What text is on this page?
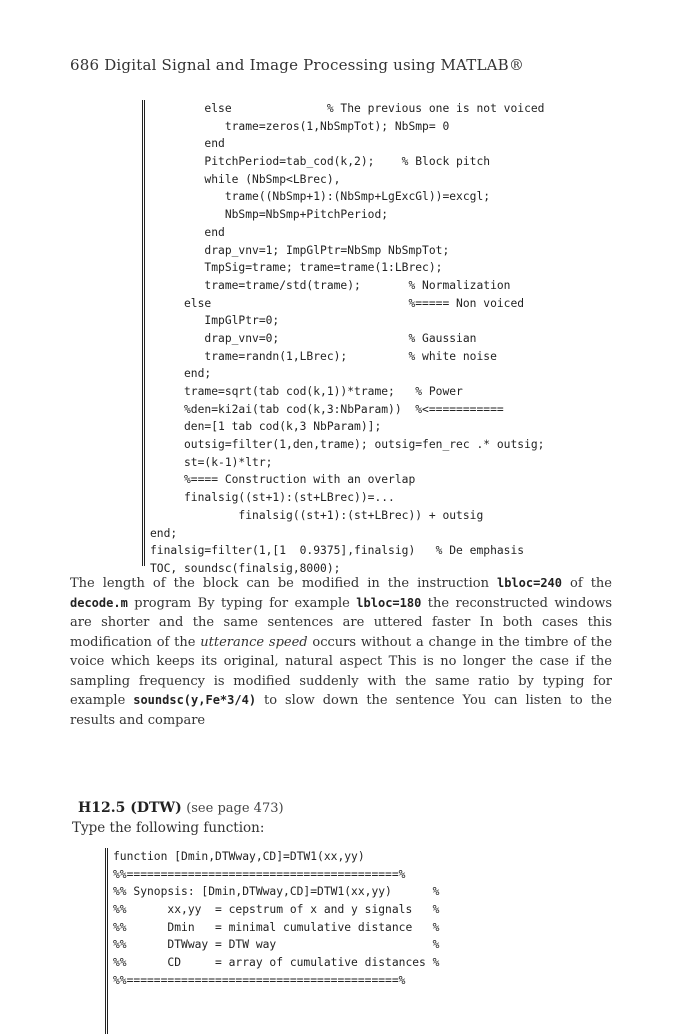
686 Digital Signal and Image Processing using MATLAB®
else              % The previous one is not voiced
trame=zeros(1,NbSmpTot); NbSmp= 0
end
PitchPeriod=tab_cod(k,2);    % Block pitch
while (NbSmp<LBrec),
trame((NbSmp+1):(NbSmp+LgExcGl))=excgl;
NbSmp=NbSmp+PitchPeriod;
end
drap_vnv=1; ImpGlPtr=NbSmp NbSmpTot;
TmpSig=trame; trame=trame(1:LBrec);
trame=trame/std(trame);       % Normalization
else                             %===== Non voiced
ImpGlPtr=0;
drap_vnv=0;                   % Gaussian
trame=randn(1,LBrec);         % white noise
end;
trame=sqrt(tab cod(k,1))*trame;   % Power
%den=ki2ai(tab cod(k,3:NbParam))  %<===========
den=[1 tab cod(k,3 NbParam)];
outsig=filter(1,den,trame); outsig=fen_rec .* outsig;
st=(k-1)*ltr;
%==== Construction with an overlap
finalsig((st+1):(st+LBrec))=...
finalsig((st+1):(st+LBrec)) + outsig
end;
finalsig=filter(1,[1  0.9375],finalsig)   % De emphasis
TOC, soundsc(finalsig,8000);
The length of the block can be modified in the instruction lbloc=240 of the decode.m program By typing for example lbloc=180 the reconstructed windows are shorter and the same sentences are uttered faster In both cases this modification of the utterance speed occurs without a change in the timbre of the voice which keeps its original, natural aspect This is no longer the case if the sampling frequency is modified suddenly with the same ratio by typing for example soundsc(y,Fe*3/4) to slow down the sentence You can listen to the results and compare
H12.5 (DTW) (see page 473)
Type the following function:
function [Dmin,DTWway,CD]=DTW1(xx,yy)
%%========================================%
%% Synopsis: [Dmin,DTWway,CD]=DTW1(xx,yy)      %
%%      xx,yy  = cepstrum of x and y signals   %
%%      Dmin   = minimal cumulative distance   %
%%      DTWway = DTW way                       %
%%      CD     = array of cumulative distances %
%%========================================%
